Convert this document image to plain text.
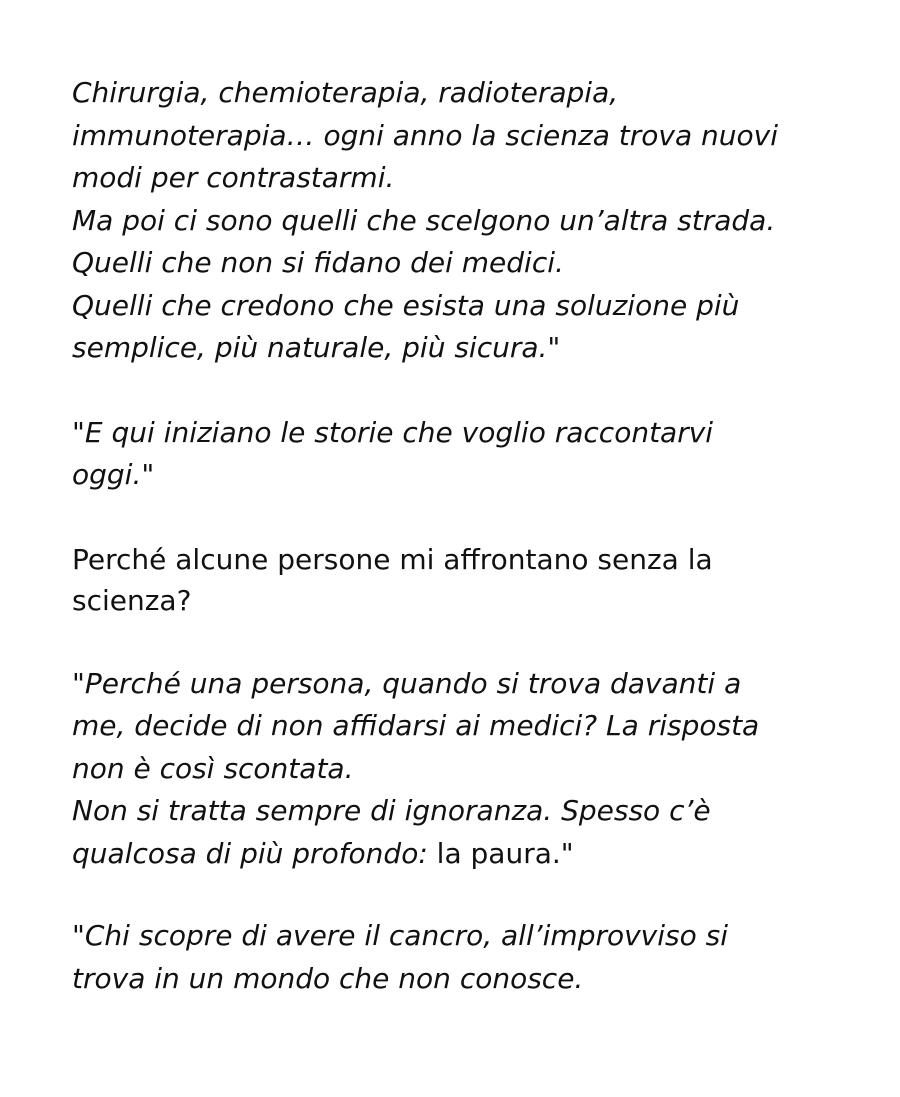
Chirurgia, chemioterapia, radioterapia,
immunoterapia… ogni anno la scienza trova nuovi
modi per contrastarmi.
Ma poi ci sono quelli che scelgono un’altra strada.
Quelli che non si fidano dei medici.
Quelli che credono che esista una soluzione più
semplice, più naturale, più sicura."

"E qui iniziano le storie che voglio raccontarvi
oggi."

Perché alcune persone mi affrontano senza la
scienza?

"Perché una persona, quando si trova davanti a
me, decide di non affidarsi ai medici? La risposta
non è così scontata.
Non si tratta sempre di ignoranza. Spesso c’è
qualcosa di più profondo: la paura."

"Chi scopre di avere il cancro, all’improvviso si
trova in un mondo che non conosce.
